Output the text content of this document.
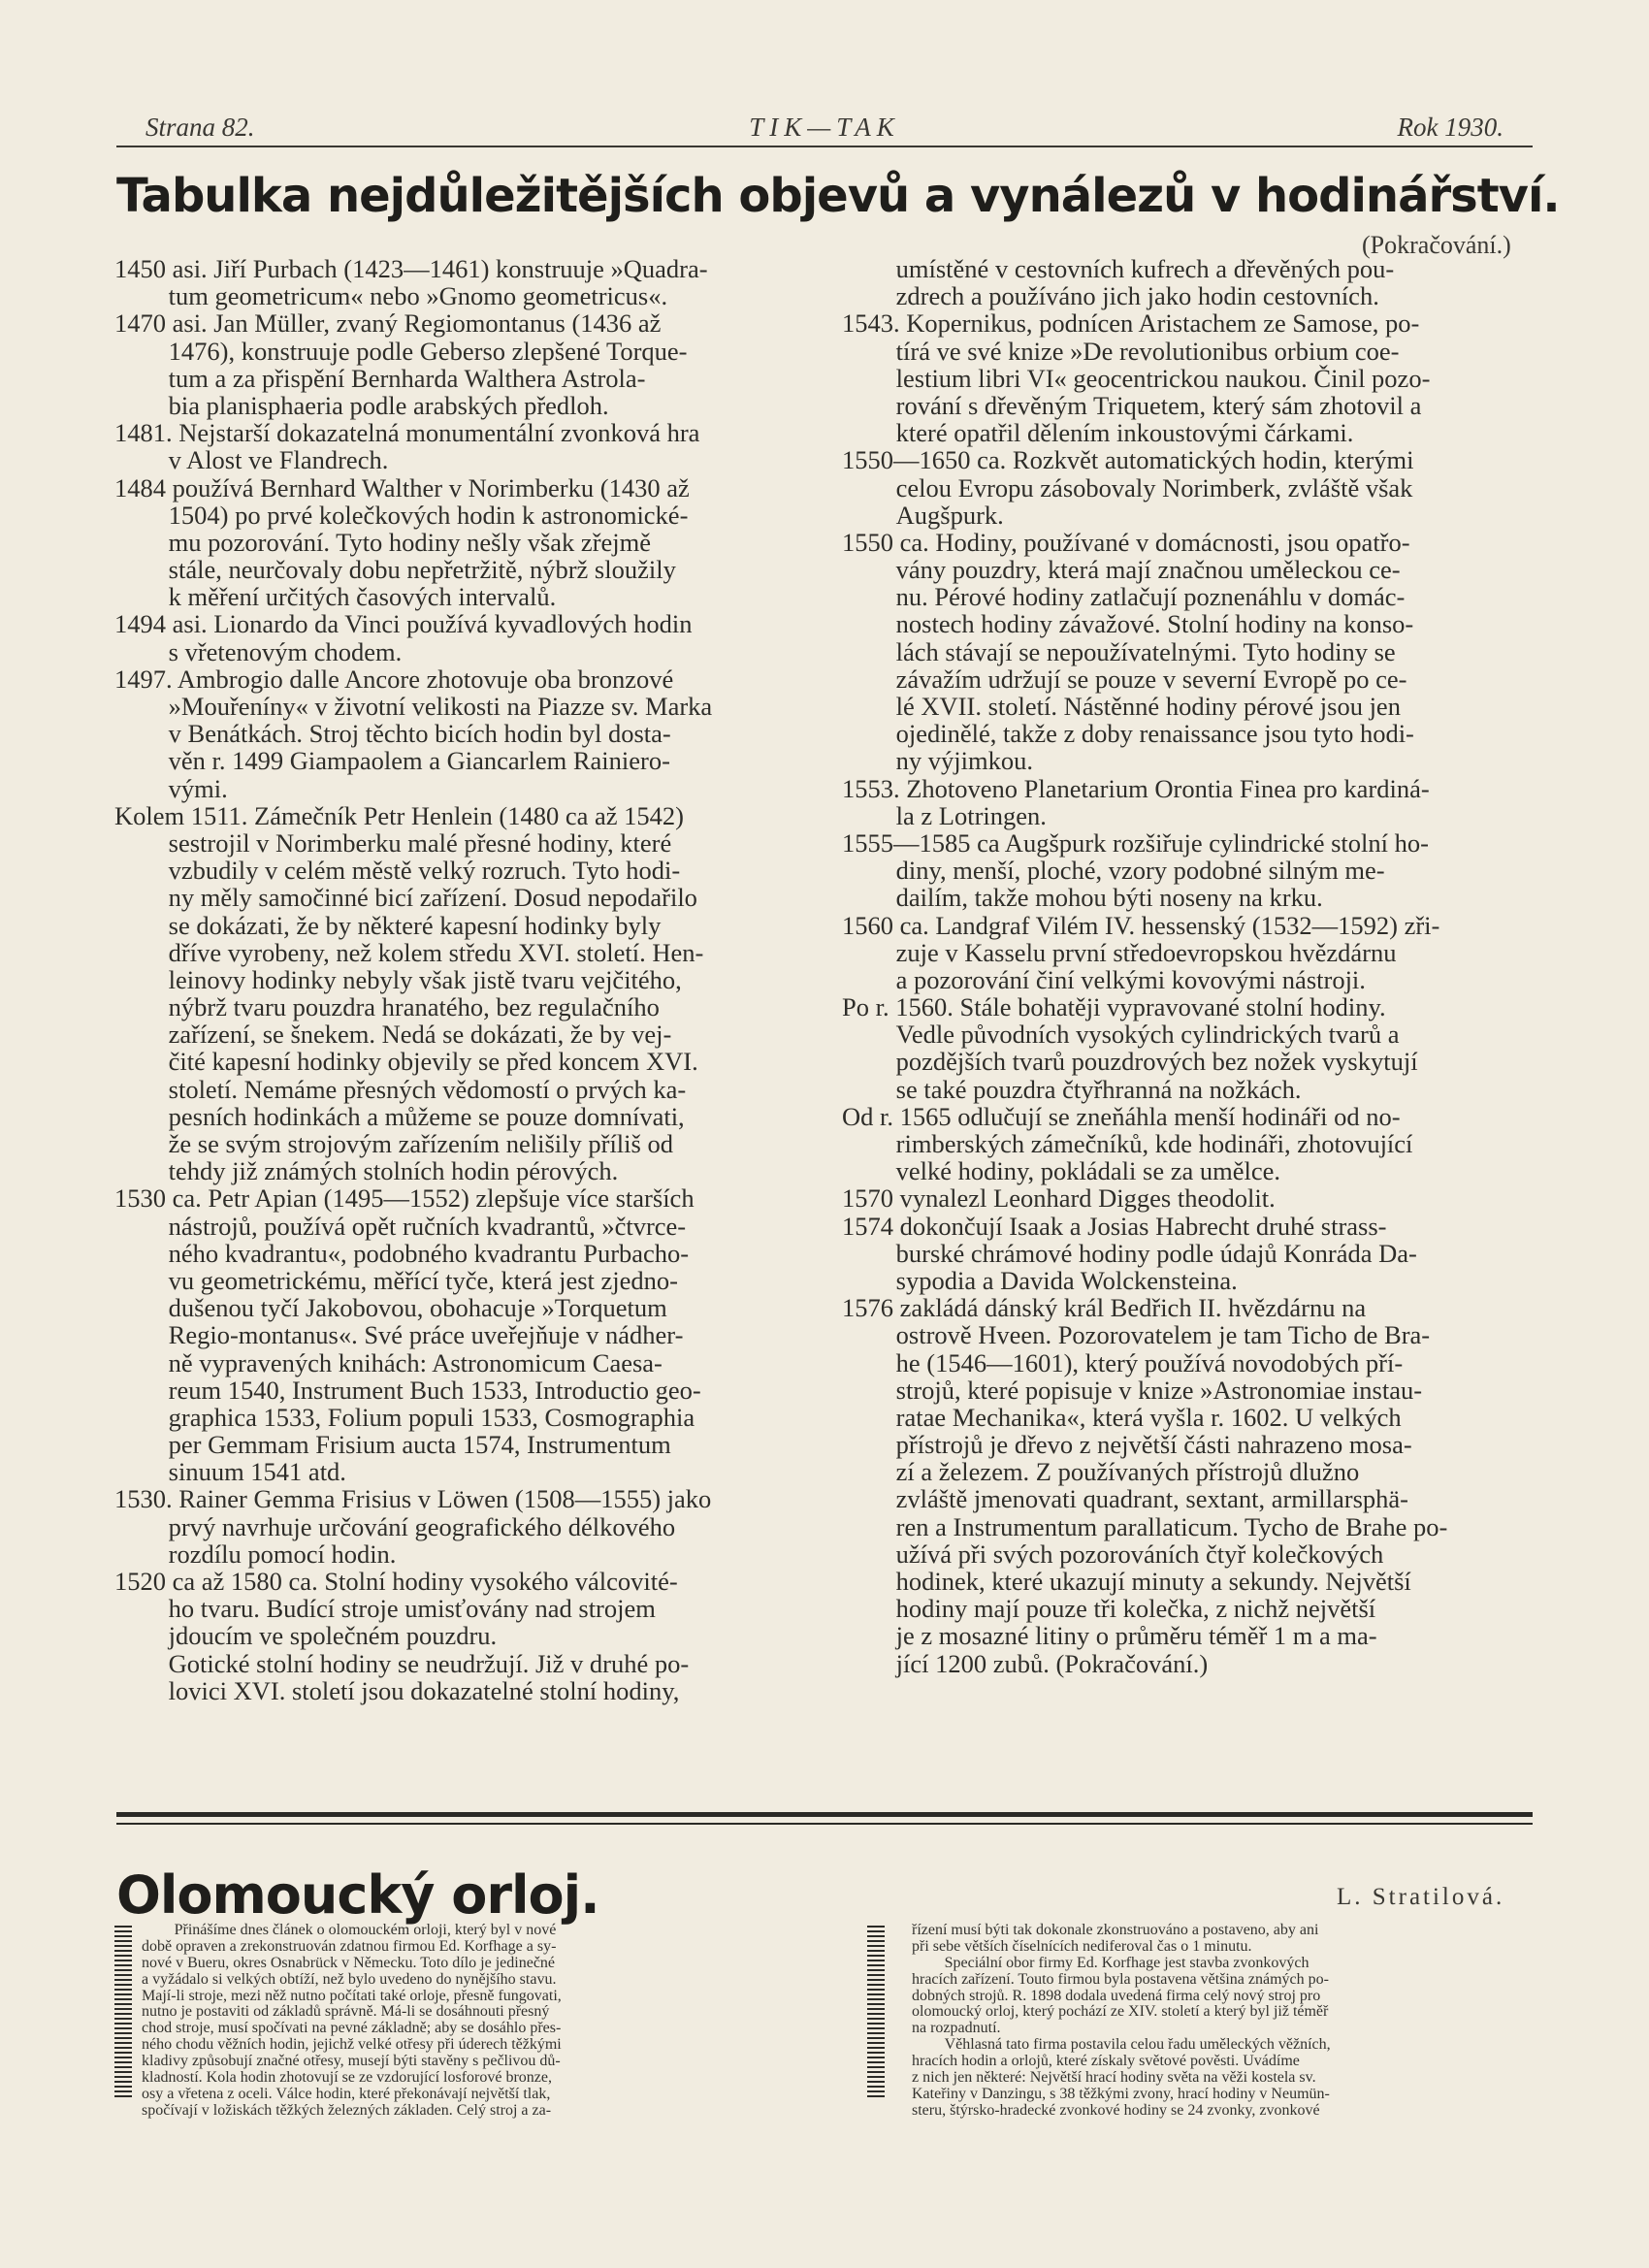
Strana 82.	TIK—TAK	Rok 1930.
Tabulka nejdůležitějších objevů a vynálezů v hodinářství.
(Pokračování.)
1450 asi. Jiří Purbach (1423—1461) konstruuje »Quadra-
tum geometricum« nebo »Gnomo geometricus«.
1470 asi. Jan Müller, zvaný Regiomontanus (1436 až
1476), konstruuje podle Geberso zlepšené Torque-
tum a za přispění Bernharda Walthera Astrola-
bia planisphaeria podle arabských předloh.
1481. Nejstarší dokazatelná monumentální zvonková hra
v Alost ve Flandrech.
1484 používá Bernhard Walther v Norimberku (1430 až
1504) po prvé kolečkových hodin k astronomické-
mu pozorování. Tyto hodiny nešly však zřejmě
stále, neurčovaly dobu nepřetržitě, nýbrž sloužily
k měření určitých časových intervalů.
1494 asi. Lionardo da Vinci používá kyvadlových hodin
s vřetenovým chodem.
1497. Ambrogio dalle Ancore zhotovuje oba bronzové
»Mouřeníny« v životní velikosti na Piazze sv. Marka
v Benátkách. Stroj těchto bicích hodin byl dosta-
věn r. 1499 Giampaolem a Giancarlem Rainiero-
vými.
Kolem 1511. Zámečník Petr Henlein (1480 ca až 1542)
sestrojil v Norimberku malé přesné hodiny, které
vzbudily v celém městě velký rozruch. Tyto hodi-
ny měly samočinné bicí zařízení. Dosud nepodařilo
se dokázati, že by některé kapesní hodinky byly
dříve vyrobeny, než kolem středu XVI. století. Hen-
leinovy hodinky nebyly však jistě tvaru vejčitého,
nýbrž tvaru pouzdra hranatého, bez regulačního
zařízení, se šnekem. Nedá se dokázati, že by vej-
čité kapesní hodinky objevily se před koncem XVI.
století. Nemáme přesných vědomostí o prvých ka-
pesních hodinkách a můžeme se pouze domnívati,
že se svým strojovým zařízením nelišily příliš od
tehdy již známých stolních hodin pérových.
1530 ca. Petr Apian (1495—1552) zlepšuje více starších
nástrojů, používá opět ručních kvadrantů, »čtvrce-
ného kvadrantu«, podobného kvadrantu Purbacho-
vu geometrickému, měřící tyče, která jest zjedno-
dušenou tyčí Jakobovou, obohacuje »Torquetum
Regio-montanus«. Své práce uveřejňuje v nádher-
ně vypravených knihách: Astronomicum Caesa-
reum 1540, Instrument Buch 1533, Introductio geo-
graphica 1533, Folium populi 1533, Cosmographia
per Gemmam Frisium aucta 1574, Instrumentum
sinuum 1541 atd.
1530. Rainer Gemma Frisius v Löwen (1508—1555) jako
prvý navrhuje určování geografického délkového
rozdílu pomocí hodin.
1520 ca až 1580 ca. Stolní hodiny vysokého válcovité-
ho tvaru. Budící stroje umisťovány nad strojem
jdoucím ve společném pouzdru.
Gotické stolní hodiny se neudržují. Již v druhé po-
lovici XVI. století jsou dokazatelné stolní hodiny,
umístěné v cestovních kufrech a dřevěných pou-
zdrech a používáno jich jako hodin cestovních.
1543. Kopernikus, podnícen Aristachem ze Samose, po-
tírá ve své knize »De revolutionibus orbium coe-
lestium libri VI« geocentrickou naukou. Činil pozo-
rování s dřevěným Triquetem, který sám zhotovil a
které opatřil dělením inkoustovými čárkami.
1550—1650 ca. Rozkvět automatických hodin, kterými
celou Evropu zásobovaly Norimberk, zvláště však
Augšpurk.
1550 ca. Hodiny, používané v domácnosti, jsou opatřo-
vány pouzdry, která mají značnou uměleckou ce-
nu. Pérové hodiny zatlačují poznenáhlu v domác-
nostech hodiny závažové. Stolní hodiny na konso-
lách stávají se nepoužívatelnými. Tyto hodiny se
závažím udržují se pouze v severní Evropě po ce-
lé XVII. století. Nástěnné hodiny pérové jsou jen
ojedinělé, takže z doby renaissance jsou tyto hodi-
ny výjimkou.
1553. Zhotoveno Planetarium Orontia Finea pro kardiná-
la z Lotringen.
1555—1585 ca Augšpurk rozšiřuje cylindrické stolní ho-
diny, menší, ploché, vzory podobné silným me-
dailím, takže mohou býti noseny na krku.
1560 ca. Landgraf Vilém IV. hessenský (1532—1592) zři-
zuje v Kasselu první středoevropskou hvězdárnu
a pozorování činí velkými kovovými nástroji.
Po r. 1560. Stále bohatěji vypravované stolní hodiny.
Vedle původních vysokých cylindrických tvarů a
pozdějších tvarů pouzdrových bez nožek vyskytují
se také pouzdra čtyřhranná na nožkách.
Od r. 1565 odlučují se zneňáhla menší hodináři od no-
rimberských zámečníků, kde hodináři, zhotovující
velké hodiny, pokládali se za umělce.
1570 vynalezl Leonhard Digges theodolit.
1574 dokončují Isaak a Josias Habrecht druhé strass-
burské chrámové hodiny podle údajů Konráda Da-
sypodia a Davida Wolckensteina.
1576 zakládá dánský král Bedřich II. hvězdárnu na
ostrově Hveen. Pozorovatelem je tam Ticho de Bra-
he (1546—1601), který používá novodobých pří-
strojů, které popisuje v knize »Astronomiae instau-
ratae Mechanika«, která vyšla r. 1602. U velkých
přístrojů je dřevo z největší části nahrazeno mosa-
zí a železem. Z používaných přístrojů dlužno
zvláště jmenovati quadrant, sextant, armillarsphä-
ren a Instrumentum parallaticum. Tycho de Brahe po-
užívá při svých pozorováních čtyř kolečkových
hodinek, které ukazují minuty a sekundy. Největší
hodiny mají pouze tři kolečka, z nichž největší
je z mosazné litiny o průměru téměř 1 m a ma-
jící 1200 zubů. (Pokračování.)
Olomoucký orloj.	L. Stratilová.
Přinášíme dnes článek o olomouckém orloji, který byl v nové
době opraven a zrekonstruován zdatnou firmou Ed. Korfhage a sy-
nové v Bueru, okres Osnabrück v Německu. Toto dílo je jedinečné
a vyžádalo si velkých obtíží, než bylo uvedeno do nynějšího stavu.
Mají-li stroje, mezi něž nutno počítati také orloje, přesně fungovati,
nutno je postaviti od základů správně. Má-li se dosáhnouti přesný
chod stroje, musí spočívati na pevné základně; aby se dosáhlo přes-
ného chodu věžních hodin, jejichž velké otřesy při úderech těžkými
kladivy způsobují značné otřesy, musejí býti stavěny s pečlivou dů-
kladností. Kola hodin zhotovují se ze vzdorující losforové bronze,
osy a vřetena z oceli. Válce hodin, které překonávají největší tlak,
spočívají v ložiskách těžkých železných základen. Celý stroj a za-
řízení musí býti tak dokonale zkonstruováno a postaveno, aby ani
při sebe větších číselnících nediferoval čas o 1 minutu.
Speciální obor firmy Ed. Korfhage jest stavba zvonkových
hracích zařízení. Touto firmou byla postavena většina známých po-
dobných strojů. R. 1898 dodala uvedená firma celý nový stroj pro
olomoucký orloj, který pochází ze XIV. století a který byl již téměř
na rozpadnutí.
Věhlasná tato firma postavila celou řadu uměleckých věžních,
hracích hodin a orlojů, které získaly světové pověsti. Uvádíme
z nich jen některé: Největší hrací hodiny světa na věži kostela sv.
Kateřiny v Danzingu, s 38 těžkými zvony, hrací hodiny v Neumün-
steru, štýrsko-hradecké zvonkové hodiny se 24 zvonky, zvonkové
